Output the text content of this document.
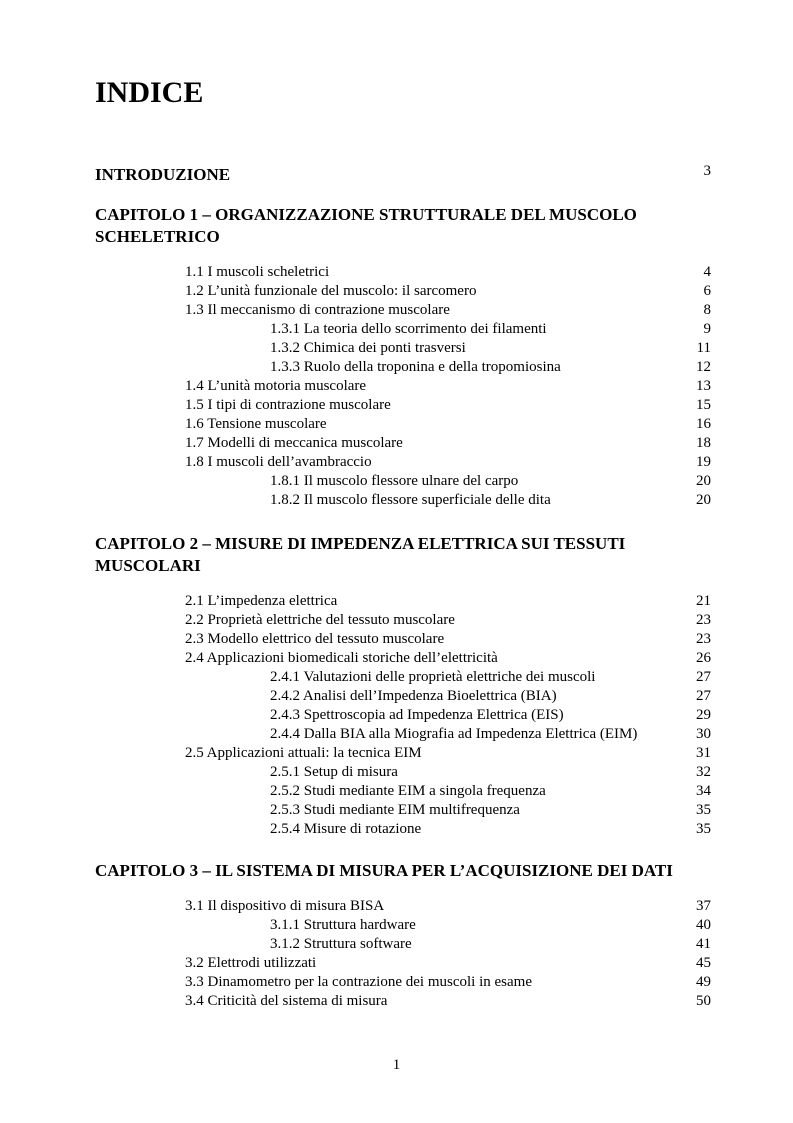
INDICE
INTRODUZIONE	3

CAPITOLO 1 – ORGANIZZAZIONE STRUTTURALE DEL MUSCOLO SCHELETRICO

1.1 I muscoli scheletrici	4
1.2 L’unità funzionale del muscolo: il sarcomero	6
1.3 Il meccanismo di contrazione muscolare	8
1.3.1 La teoria dello scorrimento dei filamenti	9
1.3.2 Chimica dei ponti trasversi	11
1.3.3 Ruolo della troponina e della tropomiosina	12
1.4 L’unità motoria muscolare	13
1.5 I tipi di contrazione muscolare	15
1.6 Tensione muscolare	16
1.7 Modelli di meccanica muscolare	18
1.8 I muscoli dell’avambraccio	19
1.8.1 Il muscolo flessore ulnare del carpo	20
1.8.2 Il muscolo flessore superficiale delle dita	20

CAPITOLO 2 – MISURE DI IMPEDENZA ELETTRICA SUI TESSUTI MUSCOLARI

2.1 L’impedenza elettrica	21
2.2 Proprietà elettriche del tessuto muscolare	23
2.3 Modello elettrico del tessuto muscolare	23
2.4 Applicazioni biomedicali storiche dell’elettricità	26
2.4.1 Valutazioni delle proprietà elettriche dei muscoli	27
2.4.2 Analisi dell’Impedenza Bioelettrica (BIA)	27
2.4.3 Spettroscopia ad Impedenza Elettrica (EIS)	29
2.4.4 Dalla BIA alla Miografia ad Impedenza Elettrica (EIM)	30
2.5 Applicazioni attuali: la tecnica EIM	31
2.5.1 Setup di misura	32
2.5.2 Studi mediante EIM a singola frequenza	34
2.5.3 Studi mediante EIM multifrequenza	35
2.5.4 Misure di rotazione	35

CAPITOLO 3 – IL SISTEMA DI MISURA PER L’ACQUISIZIONE DEI DATI

3.1 Il dispositivo di misura BISA	37
3.1.1 Struttura hardware	40
3.1.2 Struttura software	41
3.2 Elettrodi utilizzati	45
3.3 Dinamometro per la contrazione dei muscoli in esame	49
3.4 Criticità del sistema di misura	50
1
